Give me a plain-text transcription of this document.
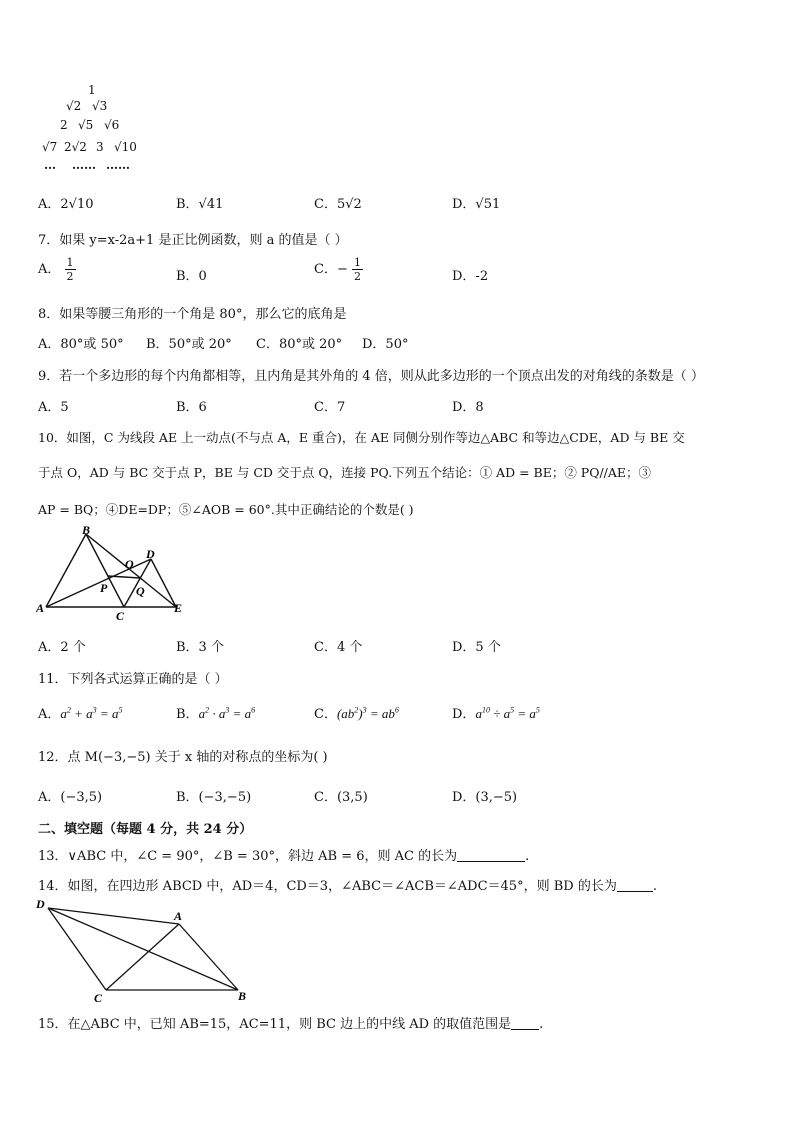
1
√2 √3
2 √5 √6
√7 2√2 3 √10
… …… ……
A．2√10	B．√41	C．5√2	D．√51
7．如果 y=x-2a+1 是正比例函数，则 a 的值是（ ）
A． $\frac{1}{2}$	B．0	C．− $\frac{1}{2}$	D．-2
8．如果等腰三角形的一个角是 80°，那么它的底角是
A．80°或 50° B．50°或 20° C．80°或 20° D．50°
9．若一个多边形的每个内角都相等，且内角是其外角的 4 倍，则从此多边形的一个顶点出发的对角线的条数是（ ）
A．5	B．6	C．7	D．8
10．如图，C 为线段 AE 上一动点(不与点 A，E 重合)，在 AE 同侧分别作等边△ABC 和等边△CDE，AD 与 BE 交
于点 O，AD 与 BC 交于点 P，BE 与 CD 交于点 Q，连接 PQ.下列五个结论：① AD = BE；② PQ//AE；③
AP = BQ；④DE=DP；⑤∠AOB = 60°.其中正确结论的个数是( )
B
D
O
P Q
A
C
E
A．2 个	B．3 个	C．4 个	D．5 个
11．下列各式运算正确的是（ ）
A．$a^2 + a^3 = a^5$	B．$a^2 \cdot a^3 = a^6$	C．$(ab^2)^3 = ab^6$	D．$a^{10} \div a^5 = a^5$
12．点 M(−3,−5) 关于 x 轴的对称点的坐标为( )
A．(−3,5)	B．(−3,−5)	C．(3,5)	D．(3,−5)
二、填空题（每题 4 分，共 24 分）
13．∨ABC 中，∠C = 90°，∠B = 30°，斜边 AB = 6，则 AC 的长为	.
14．如图，在四边形 ABCD 中，AD＝4，CD＝3，∠ABC＝∠ACB＝∠ADC＝45°，则 BD 的长为	.
D
A
C	B
15．在△ABC 中，已知 AB=15，AC=11，则 BC 边上的中线 AD 的取值范围是 .
